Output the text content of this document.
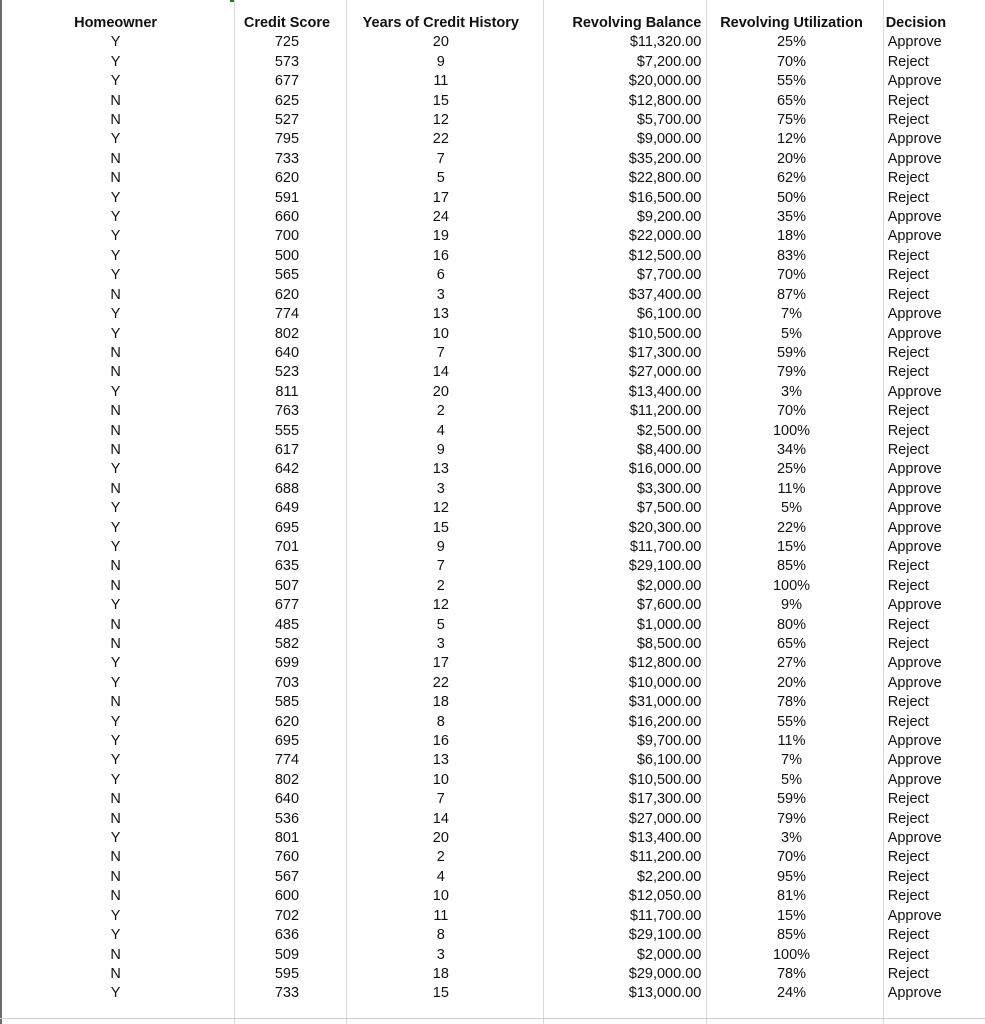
Homeowner	Credit Score	Years of Credit History	Revolving Balance	Revolving Utilization	Decision
Y	725	20	$11,320.00	25%	Approve
Y	573	9	$7,200.00	70%	Reject
Y	677	11	$20,000.00	55%	Approve
N	625	15	$12,800.00	65%	Reject
N	527	12	$5,700.00	75%	Reject
Y	795	22	$9,000.00	12%	Approve
N	733	7	$35,200.00	20%	Approve
N	620	5	$22,800.00	62%	Reject
Y	591	17	$16,500.00	50%	Reject
Y	660	24	$9,200.00	35%	Approve
Y	700	19	$22,000.00	18%	Approve
Y	500	16	$12,500.00	83%	Reject
Y	565	6	$7,700.00	70%	Reject
N	620	3	$37,400.00	87%	Reject
Y	774	13	$6,100.00	7%	Approve
Y	802	10	$10,500.00	5%	Approve
N	640	7	$17,300.00	59%	Reject
N	523	14	$27,000.00	79%	Reject
Y	811	20	$13,400.00	3%	Approve
N	763	2	$11,200.00	70%	Reject
N	555	4	$2,500.00	100%	Reject
N	617	9	$8,400.00	34%	Reject
Y	642	13	$16,000.00	25%	Approve
N	688	3	$3,300.00	11%	Approve
Y	649	12	$7,500.00	5%	Approve
Y	695	15	$20,300.00	22%	Approve
Y	701	9	$11,700.00	15%	Approve
N	635	7	$29,100.00	85%	Reject
N	507	2	$2,000.00	100%	Reject
Y	677	12	$7,600.00	9%	Approve
N	485	5	$1,000.00	80%	Reject
N	582	3	$8,500.00	65%	Reject
Y	699	17	$12,800.00	27%	Approve
Y	703	22	$10,000.00	20%	Approve
N	585	18	$31,000.00	78%	Reject
Y	620	8	$16,200.00	55%	Reject
Y	695	16	$9,700.00	11%	Approve
Y	774	13	$6,100.00	7%	Approve
Y	802	10	$10,500.00	5%	Approve
N	640	7	$17,300.00	59%	Reject
N	536	14	$27,000.00	79%	Reject
Y	801	20	$13,400.00	3%	Approve
N	760	2	$11,200.00	70%	Reject
N	567	4	$2,200.00	95%	Reject
N	600	10	$12,050.00	81%	Reject
Y	702	11	$11,700.00	15%	Approve
Y	636	8	$29,100.00	85%	Reject
N	509	3	$2,000.00	100%	Reject
N	595	18	$29,000.00	78%	Reject
Y	733	15	$13,000.00	24%	Approve
